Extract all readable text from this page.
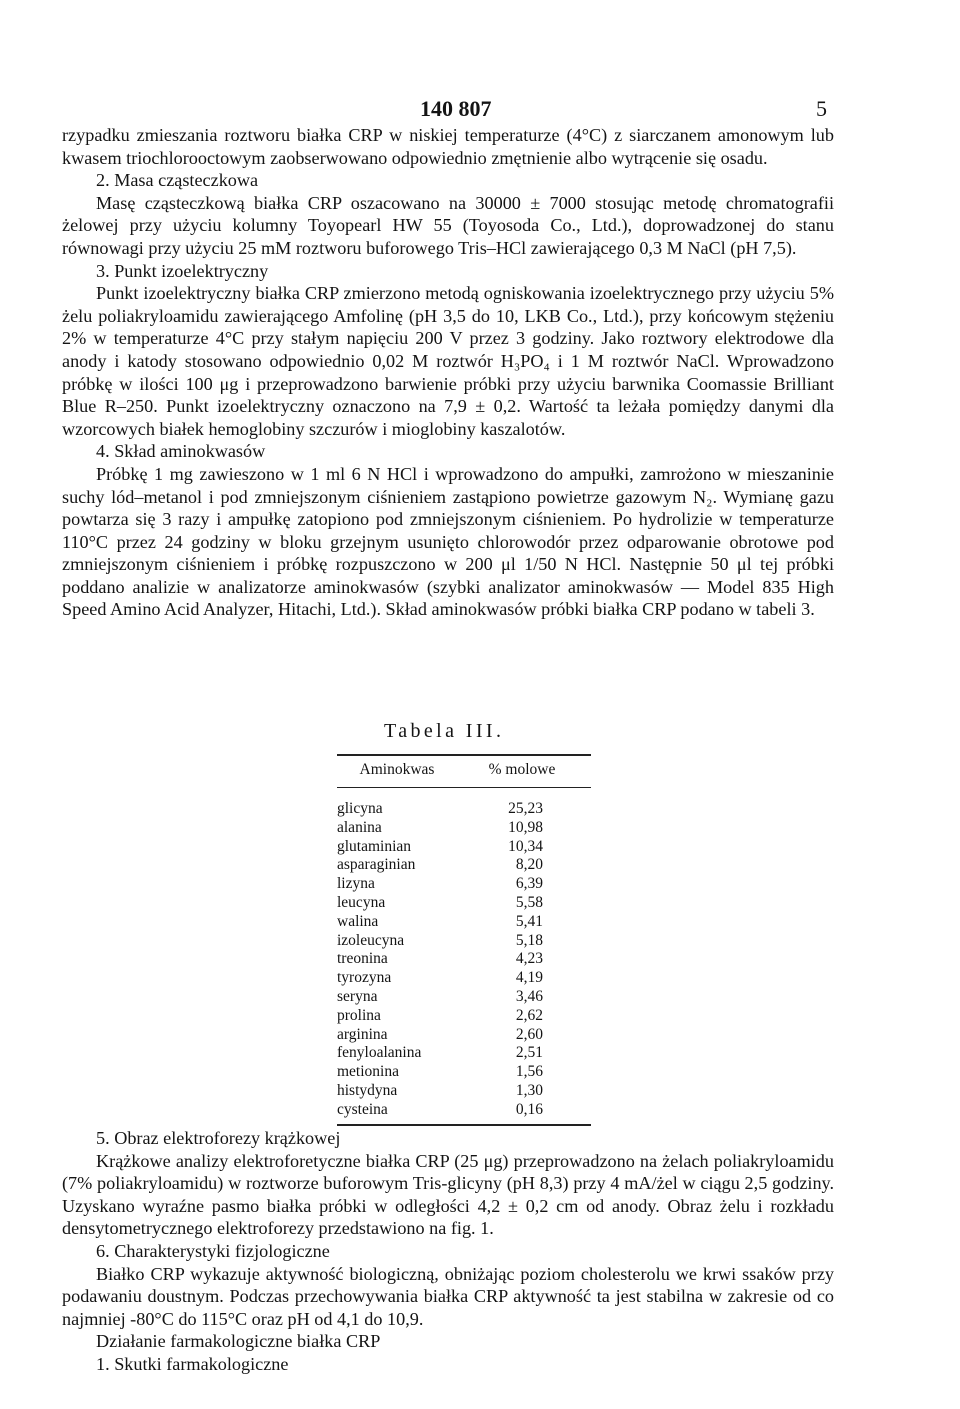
140 807	5

rzypadku zmieszania roztworu białka CRP w niskiej temperaturze (4°C) z siarczanem amonowym lub kwasem triochlorooctowym zaobserwowano odpowiednio zmętnienie albo wytrącenie się osadu.

2. Masa cząsteczkowa

Masę cząsteczkową białka CRP oszacowano na 30000 ± 7000 stosując metodę chromatografii żelowej przy użyciu kolumny Toyopearl HW 55 (Toyosoda Co., Ltd.), doprowadzonej do stanu równowagi przy użyciu 25 mM roztworu buforowego Tris–HCl zawierającego 0,3 M NaCl (pH 7,5).

3. Punkt izoelektryczny

Punkt izoelektryczny białka CRP zmierzono metodą ogniskowania izoelektrycznego przy użyciu 5% żelu poliakryloamidu zawierającego Amfolinę (pH 3,5 do 10, LKB Co., Ltd.), przy końcowym stężeniu 2% w temperaturze 4°C przy stałym napięciu 200 V przez 3 godziny. Jako roztwory elektrodowe dla anody i katody stosowano odpowiednio 0,02 M roztwór H₃PO₄ i 1 M roztwór NaCl. Wprowadzono próbkę w ilości 100 μg i przeprowadzono barwienie próbki przy użyciu barwnika Coomassie Brilliant Blue R–250. Punkt izoelektryczny oznaczono na 7,9 ± 0,2. Wartość ta leżała pomiędzy danymi dla wzorcowych białek hemoglobiny szczurów i mioglobiny kaszalotów.

4. Skład aminokwasów

Próbkę 1 mg zawieszono w 1 ml 6 N HCl i wprowadzono do ampułki, zamrożono w mieszaninie suchy lód–metanol i pod zmniejszonym ciśnieniem zastąpiono powietrze gazowym N₂. Wymianę gazu powtarza się 3 razy i ampułkę zatopiono pod zmniejszonym ciśnieniem. Po hydrolizie w temperaturze 110°C przez 24 godziny w bloku grzejnym usunięto chlorowodór przez odparowanie obrotowe pod zmniejszonym ciśnieniem i próbkę rozpuszczono w 200 μl 1/50 N HCl. Następnie 50 μl tej próbki poddano analizie w analizatorze aminokwasów (szybki analizator aminokwasów — Model 835 High Speed Amino Acid Analyzer, Hitachi, Ltd.). Skład aminokwasów próbki białka CRP podano w tabeli 3.

Tabela III.
Aminokwas	% molowe
glicyna	25,23
alanina	10,98
glutaminian	10,34
asparaginian	8,20
lizyna	6,39
leucyna	5,58
walina	5,41
izoleucyna	5,18
treonina	4,23
tyrozyna	4,19
seryna	3,46
prolina	2,62
arginina	2,60
fenyloalanina	2,51
metionina	1,56
histydyna	1,30
cysteina	0,16

5. Obraz elektroforezy krążkowej

Krążkowe analizy elektroforetyczne białka CRP (25 μg) przeprowadzono na żelach poliakryloamidu (7% poliakryloamidu) w roztworze buforowym Tris-glicyny (pH 8,3) przy 4 mA/żel w ciągu 2,5 godziny. Uzyskano wyraźne pasmo białka próbki w odległości 4,2 ± 0,2 cm od anody. Obraz żelu i rozkładu densytometrycznego elektroforezy przedstawiono na fig. 1.

6. Charakterystyki fizjologiczne

Białko CRP wykazuje aktywność biologiczną, obniżając poziom cholesterolu we krwi ssaków przy podawaniu doustnym. Podczas przechowywania białka CRP aktywność ta jest stabilna w zakresie od co najmniej -80°C do 115°C oraz pH od 4,1 do 10,9.

Działanie farmakologiczne białka CRP

1. Skutki farmakologiczne
